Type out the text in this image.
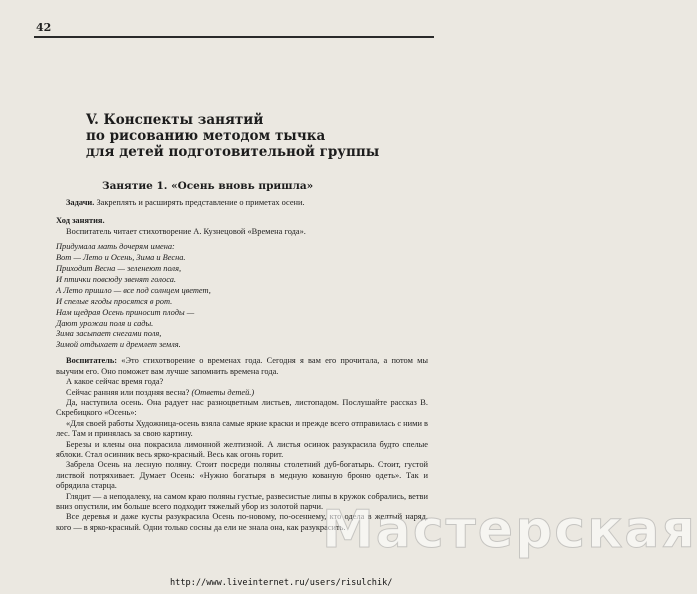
42
V. Конспекты занятий
по рисованию методом тычка
для детей подготовительной группы
Занятие 1. «Осень вновь пришла»

Задачи. Закреплять и расширять представление о приметах осени.

Ход занятия.

Воспитатель читает стихотворение А. Кузнецовой «Времена года».

Придумала мать дочерям имена:
Вот — Лето и Осень, Зима и Весна.
Приходит Весна — зеленеют поля,
И птички повсюду звенят голоса.
А Лето пришло — все под солнцем цветет,
И спелые ягоды просятся в рот.
Нам щедрая Осень приносит плоды —
Дают урожаи поля и сады.
Зима засыпает снегами поля,
Зимой отдыхает и дремлет земля.

Воспитатель: «Это стихотворение о временах года. Сегодня я вам его прочитала, а потом мы выучим его. Оно поможет вам лучше запомнить времена года.

А какое сейчас время года?

Сейчас ранняя или поздняя весна? (Ответы детей.)

Да, наступила осень. Она радует нас разноцветным листьев, листопадом. Послушайте рассказ В. Скребицкого «Осень»:

«Для своей работы Художница-осень взяла самые яркие краски и прежде всего отправилась с ними в лес. Там и принялась за свою картину.

Березы и клены она покрасила лимонной желтизной. А листья осинок разукрасила будто спелые яблоки. Стал осинник весь ярко-красный. Весь как огонь горит.

Забрела Осень на лесную поляну. Стоит посреди поляны столетний дуб-богатырь. Стоит, густой листвой потряхивает. Думает Осень: «Нужно богатыря в медную кованую броню одеть». Так и обрядила старца.

Глядит — а неподалеку, на самом краю поляны густые, развесистые липы в кружок собрались, ветви вниз опустили, им больше всего подходит тяжелый убор из золотой парчи.

Все деревья и даже кусты разукрасила Осень по-новому, по-осеннему, кто одела в желтый наряд, кого — в ярко-красный. Одни только сосны да ели не знала она, как разукрасить.

Мастерская
http://www.liveinternet.ru/users/risulchik/
